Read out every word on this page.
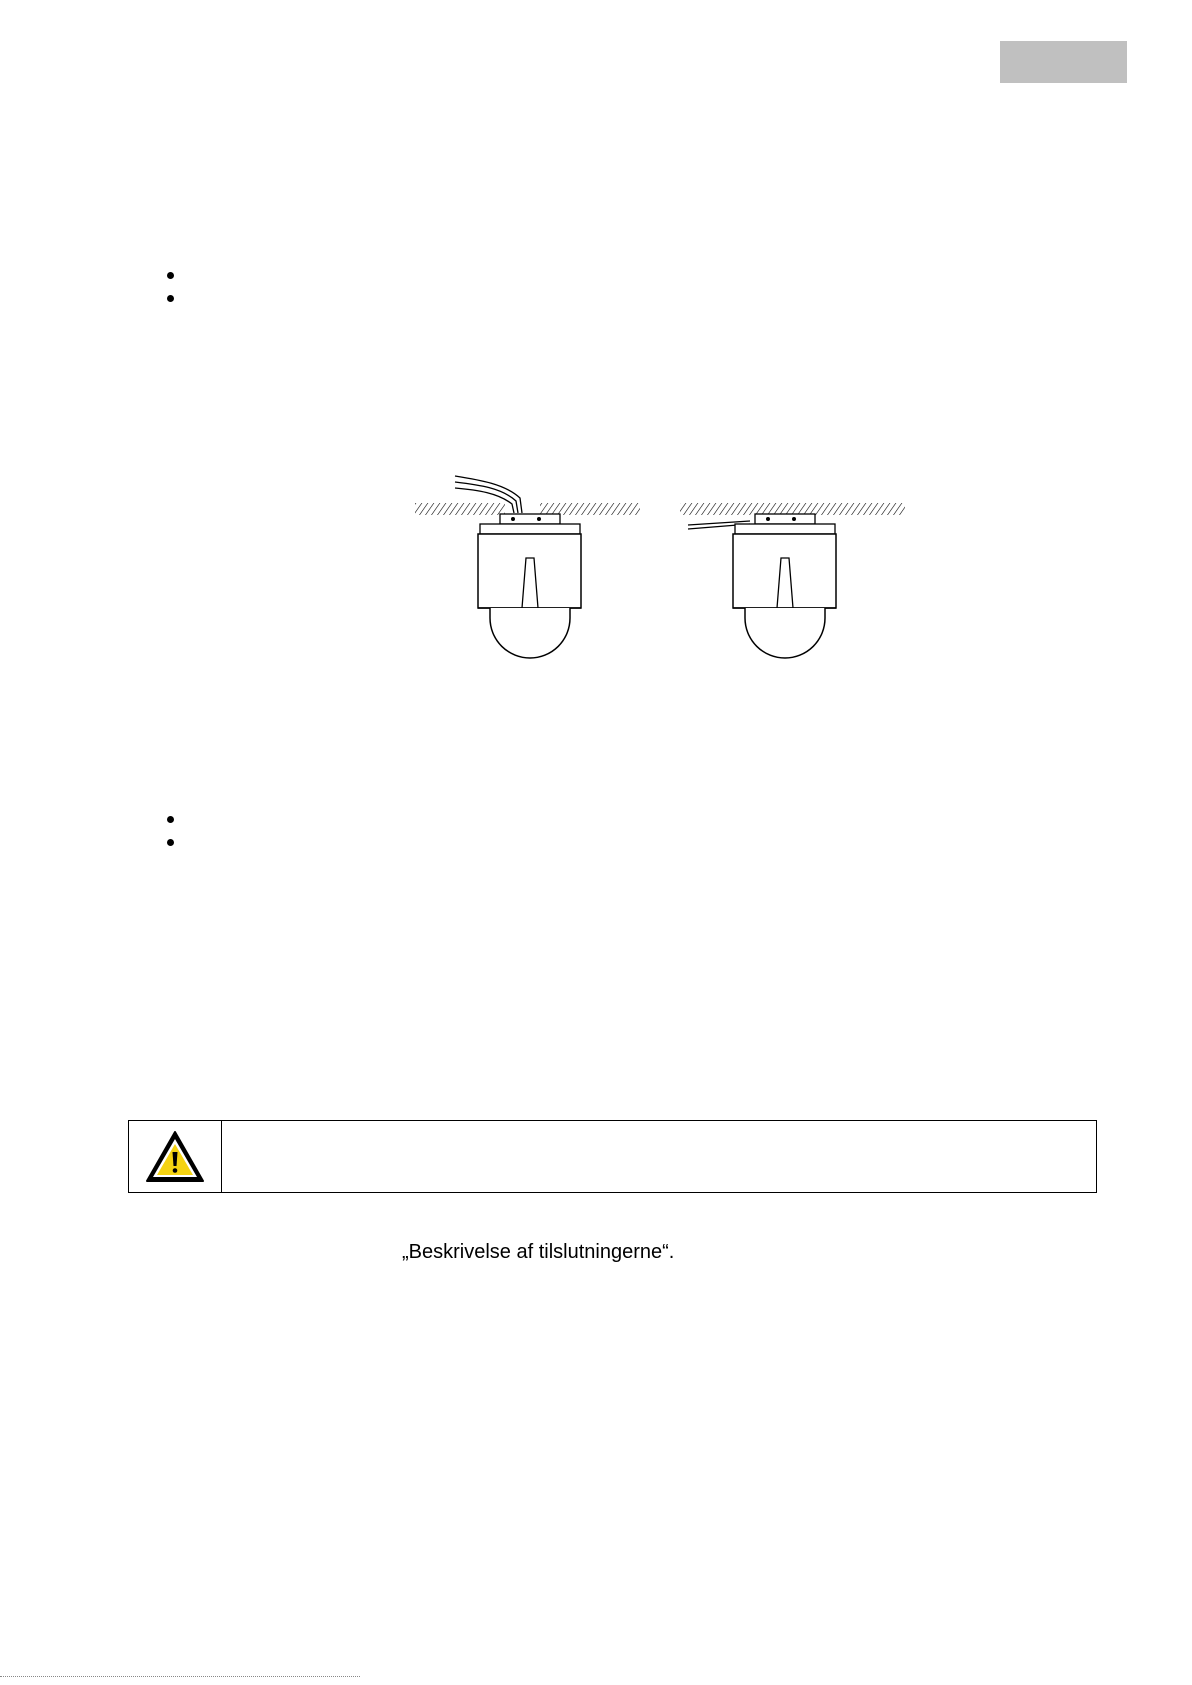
„Beskrivelse af tilslutningerne“.
